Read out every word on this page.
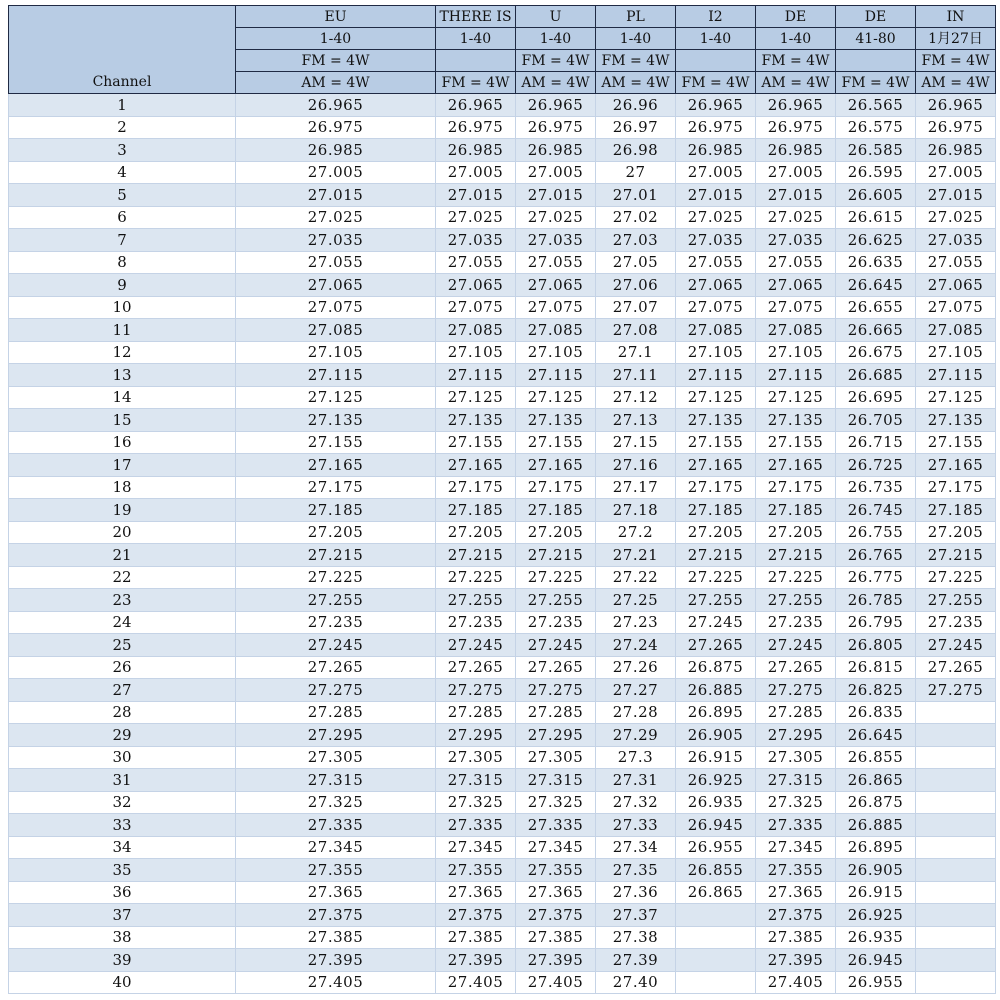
Channel	EU	THERE IS	U	PL	I2	DE	DE	IN
	1-40	1-40	1-40	1-40	1-40	1-40	41-80	1月27日
	FM = 4W		FM = 4W	FM = 4W		FM = 4W		FM = 4W
	AM = 4W	FM = 4W	AM = 4W	AM = 4W	FM = 4W	AM = 4W	FM = 4W	AM = 4W
1	26.965	26.965	26.965	26.96	26.965	26.965	26.565	26.965
2	26.975	26.975	26.975	26.97	26.975	26.975	26.575	26.975
3	26.985	26.985	26.985	26.98	26.985	26.985	26.585	26.985
4	27.005	27.005	27.005	27	27.005	27.005	26.595	27.005
5	27.015	27.015	27.015	27.01	27.015	27.015	26.605	27.015
6	27.025	27.025	27.025	27.02	27.025	27.025	26.615	27.025
7	27.035	27.035	27.035	27.03	27.035	27.035	26.625	27.035
8	27.055	27.055	27.055	27.05	27.055	27.055	26.635	27.055
9	27.065	27.065	27.065	27.06	27.065	27.065	26.645	27.065
10	27.075	27.075	27.075	27.07	27.075	27.075	26.655	27.075
11	27.085	27.085	27.085	27.08	27.085	27.085	26.665	27.085
12	27.105	27.105	27.105	27.1	27.105	27.105	26.675	27.105
13	27.115	27.115	27.115	27.11	27.115	27.115	26.685	27.115
14	27.125	27.125	27.125	27.12	27.125	27.125	26.695	27.125
15	27.135	27.135	27.135	27.13	27.135	27.135	26.705	27.135
16	27.155	27.155	27.155	27.15	27.155	27.155	26.715	27.155
17	27.165	27.165	27.165	27.16	27.165	27.165	26.725	27.165
18	27.175	27.175	27.175	27.17	27.175	27.175	26.735	27.175
19	27.185	27.185	27.185	27.18	27.185	27.185	26.745	27.185
20	27.205	27.205	27.205	27.2	27.205	27.205	26.755	27.205
21	27.215	27.215	27.215	27.21	27.215	27.215	26.765	27.215
22	27.225	27.225	27.225	27.22	27.225	27.225	26.775	27.225
23	27.255	27.255	27.255	27.25	27.255	27.255	26.785	27.255
24	27.235	27.235	27.235	27.23	27.245	27.235	26.795	27.235
25	27.245	27.245	27.245	27.24	27.265	27.245	26.805	27.245
26	27.265	27.265	27.265	27.26	26.875	27.265	26.815	27.265
27	27.275	27.275	27.275	27.27	26.885	27.275	26.825	27.275
28	27.285	27.285	27.285	27.28	26.895	27.285	26.835	
29	27.295	27.295	27.295	27.29	26.905	27.295	26.645	
30	27.305	27.305	27.305	27.3	26.915	27.305	26.855	
31	27.315	27.315	27.315	27.31	26.925	27.315	26.865	
32	27.325	27.325	27.325	27.32	26.935	27.325	26.875	
33	27.335	27.335	27.335	27.33	26.945	27.335	26.885	
34	27.345	27.345	27.345	27.34	26.955	27.345	26.895	
35	27.355	27.355	27.355	27.35	26.855	27.355	26.905	
36	27.365	27.365	27.365	27.36	26.865	27.365	26.915	
37	27.375	27.375	27.375	27.37		27.375	26.925	
38	27.385	27.385	27.385	27.38		27.385	26.935	
39	27.395	27.395	27.395	27.39		27.395	26.945	
40	27.405	27.405	27.405	27.40		27.405	26.955	
